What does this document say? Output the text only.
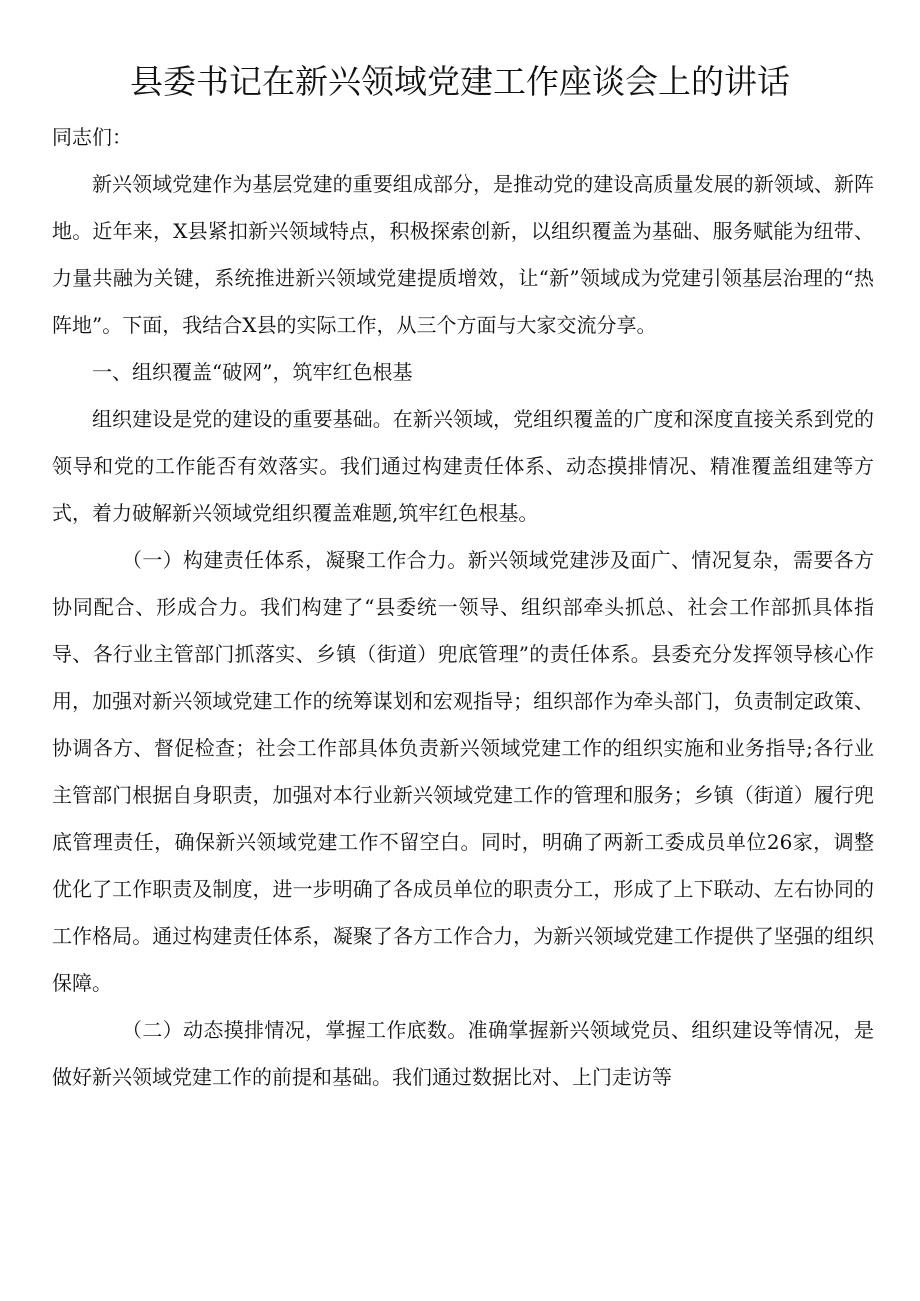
县委书记在新兴领域党建工作座谈会上的讲话

同志们：

新兴领域党建作为基层党建的重要组成部分，是推动党的建设高质量发展的新领域、新阵地。近年来，X县紧扣新兴领域特点，积极探索创新，以组织覆盖为基础、服务赋能为纽带、力量共融为关键，系统推进新兴领域党建提质增效，让“新”领域成为党建引领基层治理的“热阵地”。下面，我结合X县的实际工作，从三个方面与大家交流分享。

一、组织覆盖“破网”，筑牢红色根基

组织建设是党的建设的重要基础。在新兴领域，党组织覆盖的广度和深度直接关系到党的领导和党的工作能否有效落实。我们通过构建责任体系、动态摸排情况、精准覆盖组建等方式，着力破解新兴领域党组织覆盖难题,筑牢红色根基。

（一）构建责任体系，凝聚工作合力。新兴领域党建涉及面广、情况复杂，需要各方协同配合、形成合力。我们构建了“县委统一领导、组织部牵头抓总、社会工作部抓具体指导、各行业主管部门抓落实、乡镇（街道）兜底管理”的责任体系。县委充分发挥领导核心作用，加强对新兴领域党建工作的统筹谋划和宏观指导；组织部作为牵头部门，负责制定政策、协调各方、督促检查；社会工作部具体负责新兴领域党建工作的组织实施和业务指导;各行业主管部门根据自身职责，加强对本行业新兴领域党建工作的管理和服务；乡镇（街道）履行兜底管理责任，确保新兴领域党建工作不留空白。同时，明确了两新工委成员单位26家，调整优化了工作职责及制度，进一步明确了各成员单位的职责分工，形成了上下联动、左右协同的工作格局。通过构建责任体系，凝聚了各方工作合力，为新兴领域党建工作提供了坚强的组织保障。

（二）动态摸排情况，掌握工作底数。准确掌握新兴领域党员、组织建设等情况，是做好新兴领域党建工作的前提和基础。我们通过数据比对、上门走访等
